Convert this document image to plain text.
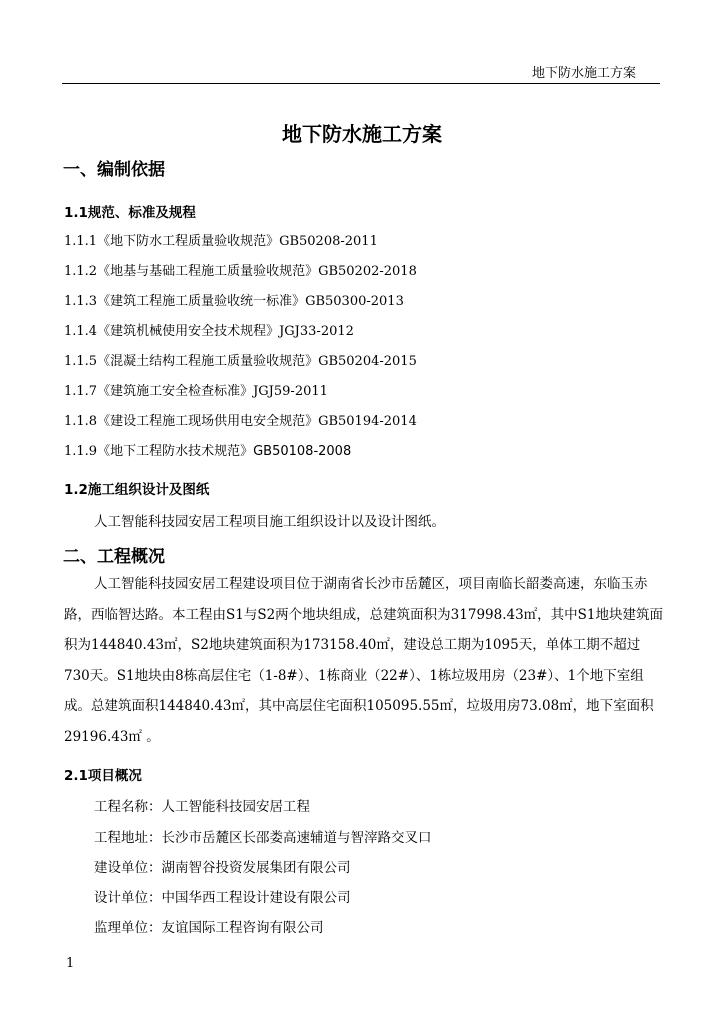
地下防水施工方案
地下防水施工方案
一、编制依据
1.1规范、标准及规程
1.1.1《地下防水工程质量验收规范》GB50208-2011
1.1.2《地基与基础工程施工质量验收规范》GB50202-2018
1.1.3《建筑工程施工质量验收统一标准》GB50300-2013
1.1.4《建筑机械使用安全技术规程》JGJ33-2012
1.1.5《混凝土结构工程施工质量验收规范》GB50204-2015
1.1.7《建筑施工安全检查标准》JGJ59-2011
1.1.8《建设工程施工现场供用电安全规范》GB50194-2014
1.1.9《地下工程防水技术规范》GB50108-2008
1.2施工组织设计及图纸
人工智能科技园安居工程项目施工组织设计以及设计图纸。
二、工程概况

人工智能科技园安居工程建设项目位于湖南省长沙市岳麓区，项目南临长韶娄高速，东临玉赤路，西临智达路。本工程由S1与S2两个地块组成，总建筑面积为317998.43㎡，其中S1地块建筑面积为144840.43㎡，S2地块建筑面积为173158.40㎡，建设总工期为1095天，单体工期不超过730天。S1地块由8栋高层住宅（1-8#）、1栋商业（22#）、1栋垃圾用房（23#）、1个地下室组成。总建筑面积144840.43㎡，其中高层住宅面积105095.55㎡，垃圾用房73.08㎡，地下室面积29196.43㎡ 。

2.1项目概况
工程名称：人工智能科技园安居工程
工程地址：长沙市岳麓区长邵娄高速辅道与智滓路交叉口
建设单位：湖南智谷投资发展集团有限公司
设计单位：中国华西工程设计建设有限公司
监理单位：友谊国际工程咨询有限公司
1
